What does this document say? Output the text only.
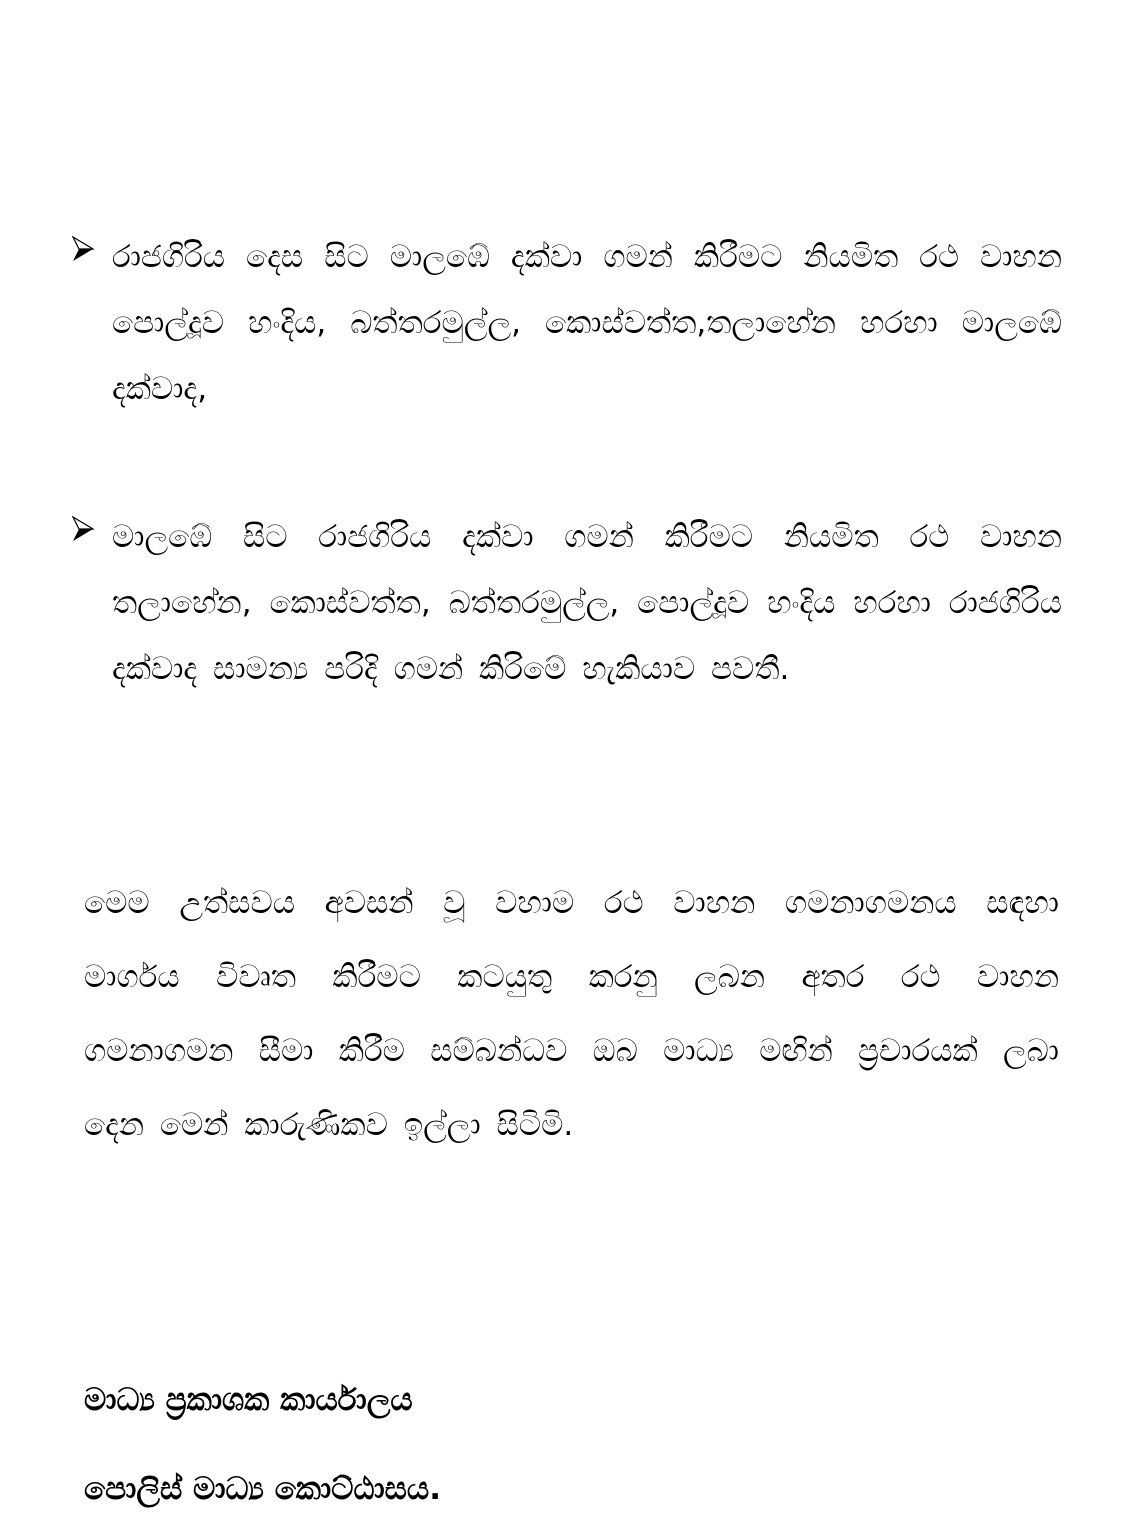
රාජගිරිය දෙස සිට මාලඹේ දක්වා ගමන් කිරීමට නියමිත රථ වාහන පොල්දූව හංදිය, බත්තරමුල්ල, කොස්වත්ත,තලාහේන හරහා මාලඹේ දක්වාද,
මාලඹේ සිට රාජගිරිය දක්වා ගමන් කිරීමට නියමිත රථ වාහන තලාහේන, කොස්වත්ත, බත්තරමුල්ල, පොල්දූව හංදිය හරහා රාජගිරිය දක්වාද සාමන්‍ය පරිදි ගමන් කිරිමේ හැකියාව පවතී.
මෙම උත්සවය අවසන් වූ වහාම රථ වාහන ගමනාගමනය සඳහා මාර්ගය විවෘත කිරීමට කටයුතු කරනු ලබන අතර රථ වාහන ගමනාගමන සීමා කිරීම සම්බන්ධව ඔබ මාධ්‍ය මඟින් ප්‍රචාරයක් ලබා දෙන මෙන් කාරුණිකව ඉල්ලා සිටිමි.
මාධ්‍ය ප්‍රකාශක කාර්යාලය
පොලිස් මාධ්‍ය කොට්ඨාසය.
